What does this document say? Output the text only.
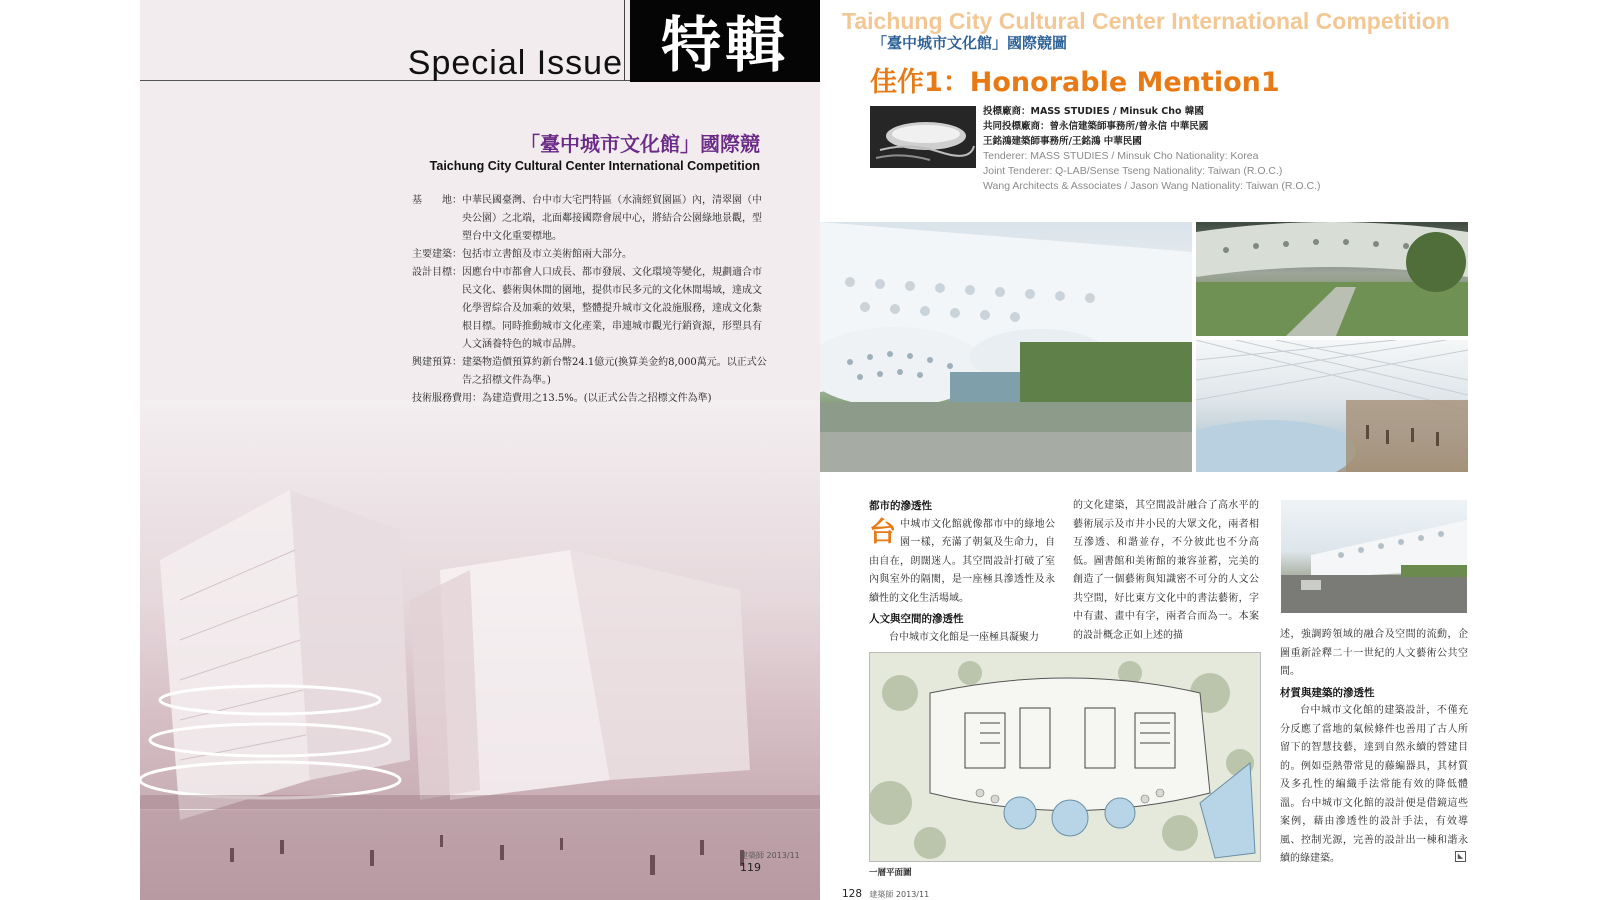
Special Issue 特輯
「臺中城市文化館」國際競
Taichung City Cultural Center International Competition
基　　地： 中華民國臺灣、台中市大宅門特區（水湳經貿園區）內，清翠園（中央公園）之北端，北面鄰接國際會展中心，將結合公園綠地景觀，型塑台中文化重要標地。
主要建築： 包括市立書館及市立美術館兩大部分。
設計目標： 因應台中市都會人口成長、都市發展、文化環境等變化，規劃適合市民文化、藝術與休閒的園地，提供市民多元的文化休閒場域，達成文化學習綜合及加乘的效果，整體提升城市文化設施服務，達成文化紮根目標。同時推動城市文化產業，串連城市觀光行銷資源，形塑具有人文涵養特色的城市品牌。
興建預算： 建築物造價預算約新台幣24.1億元(換算美金約8,000萬元。以正式公告之招標文件為準。)
技術服務費用： 為建造費用之13.5%。(以正式公告之招標文件為準)
建築師 2013/11 119
Taichung City Cultural Center International Competition
「臺中城市文化館」國際競圖
佳作1：Honorable Mention1
投標廠商：MASS STUDIES / Minsuk Cho 韓國
共同投標廠商：曾永信建築師事務所/曾永信 中華民國
王銘鴻建築師事務所/王銘鴻 中華民國
Tenderer: MASS STUDIES / Minsuk Cho Nationality: Korea
Joint Tenderer: Q-LAB/Sense Tseng Nationality: Taiwan (R.O.C.)
Wang Architects & Associates / Jason Wang Nationality: Taiwan (R.O.C.)
都市的滲透性
台 中城市文化館就像都市中的綠地公園一樣，充滿了朝氣及生命力，自由自在，朗闊迷人。其空間設計打破了室內與室外的隔閡，是一座極具滲透性及永續性的文化生活場域。
人文與空間的滲透性
台中城市文化館是一座極具凝聚力
的文化建築，其空間設計融合了高水平的藝術展示及市井小民的大眾文化，兩者相互滲透、和諧並存，不分彼此也不分高低。圖書館和美術館的兼容並蓄，完美的創造了一個藝術與知識密不可分的人文公共空間，好比東方文化中的書法藝術，字中有畫、畫中有字，兩者合而為一。本案的設計概念正如上述的描	述，強調跨領域的融合及空間的流動，企圖重新詮釋二十一世紀的人文藝術公共空間。
材質與建築的滲透性
台中城市文化館的建築設計，不僅充分反應了當地的氣候條件也善用了古人所留下的智慧技藝，達到自然永續的營建目的。例如亞熱帶常見的藤編器具，其材質及多孔性的編織手法常能有效的降低體溫。台中城市文化館的設計便是借鏡這些案例，藉由滲透性的設計手法，有效導風、控制光源，完善的設計出一棟和諧永續的綠建築。
一層平面圖
◣
128 建築師 2013/11
